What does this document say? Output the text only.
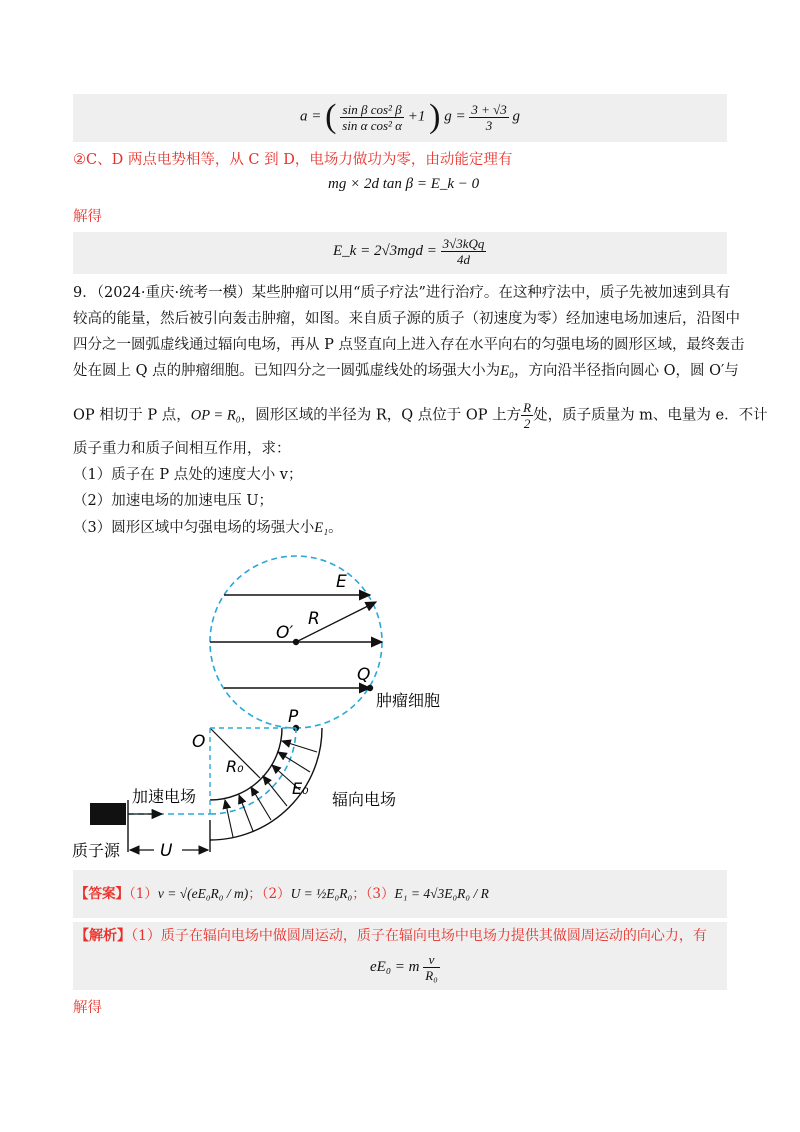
a = ( $\frac{\text{sin β cos² β}}{\text{sin α cos² α}} +1$ ) $g = \frac{3 + √3}{3}$ g
②C、D 两点电势相等，从 C 到 D，电场力做功为零，由动能定理有
mg × 2d tan β = E_k − 0
解得
E_k = $2√3mgd = \frac{\text{3√3kQq}}{4d}$
9．（2024·重庆·统考一模）某些肿瘤可以用“质子疗法”进行治疗。在这种疗法中，质子先被加速到具有
较高的能量，然后被引向轰击肿瘤，如图。来自质子源的质子（初速度为零）经加速电场加速后，沿图中
四分之一圆弧虚线通过辐向电场，再从 P 点竖直向上进入存在水平向右的匀强电场的圆形区域，最终轰击
处在圆上 Q 点的肿瘤细胞。已知四分之一圆弧虚线处的场强大小为E₀，方向沿半径指向圆心 O，圆 O′与
OP 相切于 P 点，OP = R₀，圆形区域的半径为 R，Q 点位于 OP 上方 $\frac{R}{2}$ 处，质子质量为 m、电量为 e．不计
质子重力和质子间相互作用，求：
（1）质子在 P 点处的速度大小 v；
（2）加速电场的加速电压 U；
（3）圆形区域中匀强电场的场强大小E₁。
E
O′
R
Q
肿瘤细胞
P
O
R₀
E₀
辐向电场
加速电场
质子源 U
【答案】（1）v = √(eE₀R₀ / m)；（2）U = ½E₀R₀；（3）E₁ = 4√3E₀R₀ / R
【解析】（1）质子在辐向电场中做圆周运动，质子在辐向电场中电场力提供其做圆周运动的向心力，有
eE₀ = m $\frac{v}{\text{R₀}}$
解得
